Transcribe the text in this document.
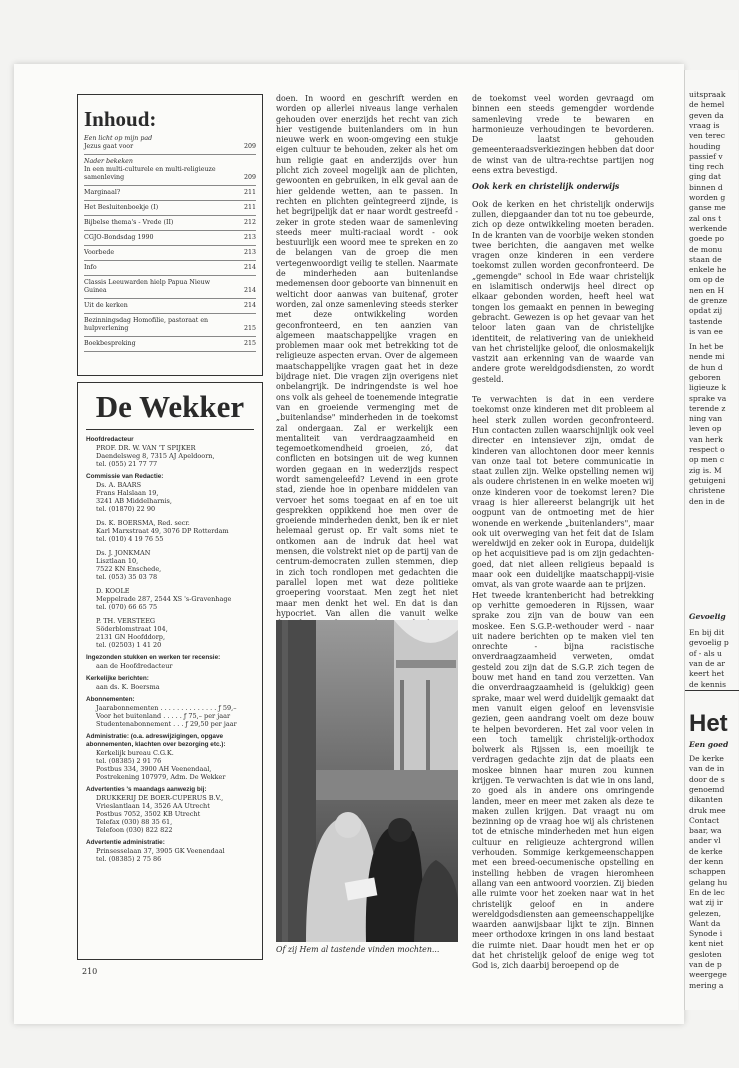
Inhoud:
Een licht op mijn pad
Jezus gaat voor	209
Nader bekeken
In een multi-culturele en multi-religieuze samenleving	209
Marginaal?	211
Het Besluitenboekje (I)	211
Bijbelse thema's - Vrede (II)	212
CGJO-Bondsdag 1990	213
Voorbede	213
Info	214
Classis Leeuwarden hielp Papua Nieuw Guinea	214
Uit de kerken	214
Bezinningsdag Homofilie, pastoraat en hulpverlening	215
Boekbespreking	215
De Wekker
Hoofdredacteur
PROF. DR. W. VAN 'T SPIJKER
Daendelsweg 8, 7315 AJ Apeldoorn,
tel. (055) 21 77 77
Commissie van Redactie:
Ds. A. BAARS
Frans Halslaan 19,
3241 AB Middelharnis,
tel. (01870) 22 90
Ds. K. BOERSMA, Red. secr.
Karl Marxstraat 49, 3076 DP Rotterdam
tel. (010) 4 19 76 55
Ds. J. JONKMAN
Lisztlaan 10,
7522 KN Enschede,
tel. (053) 35 03 78
D. KOOLE
Meppelrade 287, 2544 XS 's-Gravenhage
tel. (070) 66 65 75
P. TH. VERSTEEG
Söderblomstraat 104,
2131 GN Hoofddorp,
tel. (02503) 1 41 20
Ingezonden stukken en werken ter recensie:
aan de Hoofdredacteur
Kerkelijke berichten:
aan ds. K. Boersma
Abonnementen:
Jaarabonnementen . . . . . . . . . . . . . . ƒ 59,–
Voor het buitenland . . . . . ƒ 75,– per jaar
Studentenabonnement . . . ƒ 29,50 per jaar
Administratie: (o.a. adreswijzigingen, opgave abonnementen, klachten over bezorging etc.):
Kerkelijk bureau C.G.K.
tel. (08385) 2 91 76
Postbus 334, 3900 AH Veenendaal,
Postrekening 107979, Adm. De Wekker
Advertenties 's maandags aanwezig bij:
DRUKKERIJ DE BOER-CUPERUS B.V.,
Vrieslantlaan 14, 3526 AA Utrecht
Postbus 7052, 3502 KB Utrecht
Telefax (030) 88 35 61,
Telefoon (030) 822 822
Advertentie administratie:
Prinsesselaan 37, 3905 GK Veenendaal
tel. (08385) 2 75 86

doen. In woord en geschrift werden en worden op allerlei niveaus lange verhalen gehouden over enerzijds het recht van zich hier vestigende buitenlanders om in hun nieuwe werk en woon-omgeving een stukje eigen cultuur te behouden, zeker als het om hun religie gaat en anderzijds over hun plicht zich zoveel mogelijk aan de plichten, gewoonten en gebruiken, in elk geval aan de hier geldende wetten, aan te passen. In rechten en plichten geïntegreerd zijnde, is het begrijpelijk dat er naar wordt gestreefd - zeker in grote steden waar de samenleving steeds meer multi-raciaal wordt - ook bestuurlijk een woord mee te spreken en zo de belangen van de groep die men vertegenwoordigt veilig te stellen. Naarmate de minderheden aan buitenlandse medemensen door geboorte van binnenuit en welticht door aanwas van buitenaf, groter worden, zal onze samenleving steeds sterker met deze ontwikkeling worden geconfronteerd, en ten aanzien van algemeen maatschappelijke vragen en problemen maar ook met betrekking tot de religieuze aspecten ervan. Over de algemeen maatschappelijke vragen gaat het in deze bijdrage niet. Die vragen zijn overigens niet onbelangrijk. De indringendste is wel hoe ons volk als geheel de toenemende integratie van en groeiende vermenging met de „buitenlandse" minderheden in de toekomst zal ondergaan. Zal er werkelijk een mentaliteit van verdraagzaamheid en tegemoetkomendheid groeien, zó, dat conflicten en botsingen uit de weg kunnen worden gegaan en in wederzijds respect wordt samengeleefd? Levend in een grote stad, ziende hoe in openbare middelen van vervoer het soms toegaat en af en toe uit gesprekken oppikkend hoe men over de groeiende minderheden denkt, ben ik er niet helemaal gerust op. Er valt soms niet te ontkomen aan de indruk dat heel wat mensen, die volstrekt niet op de partij van de centrum-democraten zullen stemmen, diep in zich toch rondlopen met gedachten die parallel lopen met wat deze politieke groepering voorstaat. Men zegt het niet maar men denkt het wel. En dat is dan hypocriet. Van allen die vanuit welke

Of zij Hem al tastende vinden mochten...

de toekomst veel worden gevraagd om binnen een steeds gemengder wordende samenleving vrede te bewaren en harmonieuze verhoudingen te bevorderen. De laatst gehouden gemeenteraadsverkiezingen hebben dat door de winst van de ultra-rechtse partijen nog eens extra bevestigd.

Ook kerk en christelijk onderwijs

Ook de kerken en het christelijk onderwijs zullen, diepgaander dan tot nu toe gebeurde, zich op deze ontwikkeling moeten beraden. In de kranten van de voorbije weken stonden twee berichten, die aangaven met welke vragen onze kinderen in een verdere toekomst zullen worden geconfronteerd. De „gemengde" school in Ede waar christelijk en islamitisch onderwijs heel direct op elkaar gebonden worden, heeft heel wat tongen los gemaakt en pennen in beweging gebracht. Gewezen is op het gevaar van het teloor laten gaan van de christelijke identiteit, de relativering van de uniekheid van het christelijke geloof, die onlosmakelijk vastzit aan erkenning van de waarde van andere grote wereldgodsdiensten, zo wordt gesteld.

Te verwachten is dat in een verdere toekomst onze kinderen met dit probleem al heel sterk zullen worden geconfronteerd. Hun contacten zullen waarschijnlijk ook veel directer en intensiever zijn, omdat de kinderen van allochtonen door meer kennis van onze taal tot betere communicatie in staat zullen zijn. Welke opstelling nemen wij als oudere christenen in en welke moeten wij onze kinderen voor de toekomst leren? Die vraag is hier allereerst belangrijk uit het oogpunt van de ontmoeting met de hier wonende en werkende „buitenlanders", maar ook uit overweging van het feit dat de Islam wereldwijd en zeker ook in Europa, duidelijk op het acquisitieve pad is om zijn gedachten-goed, dat niet alleen religieus bepaald is maar ook een duidelijke maatschappij-visie omvat, als van grote waarde aan te prijzen.

Het tweede krantenbericht had betrekking op verhitte gemoederen in Rijssen, waar sprake zou zijn van de bouw van een moskee. Een S.G.P.-wethouder werd - naar uit nadere berichten op te maken viel ten onrechte - bijna racistische onverdraagzaamheid verweten, omdat gesteld zou zijn dat de S.G.P. zich tegen de bouw met hand en tand zou verzetten. Van die onverdraagzaamheid is (gelukkig) geen sprake, maar wel werd duidelijk gemaakt dat men vanuit eigen geloof en levensvisie gezien, geen aandrang voelt om deze bouw te helpen bevorderen. Het zal voor velen in een toch tamelijk christelijk-orthodox bolwerk als Rijssen is, een moeilijk te verdragen gedachte zijn dat de plaats een moskee binnen haar muren zou kunnen krijgen. Te verwachten is dat wie in ons land, zo goed als in andere ons omringende landen, meer en meer met zaken als deze te maken zullen krijgen. Dat vraagt nu om bezinning op de vraag hoe wij als christenen tot de etnische minderheden met hun eigen cultuur en religieuze achtergrond willen verhouden. Sommige kerkgemeenschappen met een breed-oecumenische opstelling en instelling hebben de vragen hieromheen allang van een antwoord voorzien. Zij bieden alle ruimte voor het zoeken naar wat in het christelijk geloof en in andere wereldgodsdiensten aan gemeenschappelijke waarden aanwijsbaar lijkt te zijn. Binnen meer orthodoxe kringen in ons land bestaat die ruimte niet. Daar houdt men het er op dat het christelijk geloof de enige weg tot God is, zich daarbij beroepend op de

210
uitspraak
de hemel
geven da
vraag is
ven terec
houding
passief v
ting rech
ging dat
binnen d
worden g
ganse me
zal ons t
werkende
goede po
de monu
staan de
enkele he
om op de
nen en H
de grenze
opdat zij
tastende
is van ee
In het be
nende mi
de hun d
geboren
ligieuze k
sprake va
terende z
ning van
leven op
van herk
respect o
op men c
zig is. M
getuigeni
christene
den in de
Gevoelig
En bij dit
gevoelig p
of - als u
van de ar
keert het
de kennis
Het
Een goed
De kerke
van de in
door de s
genoemd
dikanten
druk mee
Contact
baar, wa
ander vl
de kerke
der kenn
schappen
gelang hu
En de lec
wat zij ir
gelezen,
Want da
Synode i
kent niet
gesloten
van de p
weergege
mering a
